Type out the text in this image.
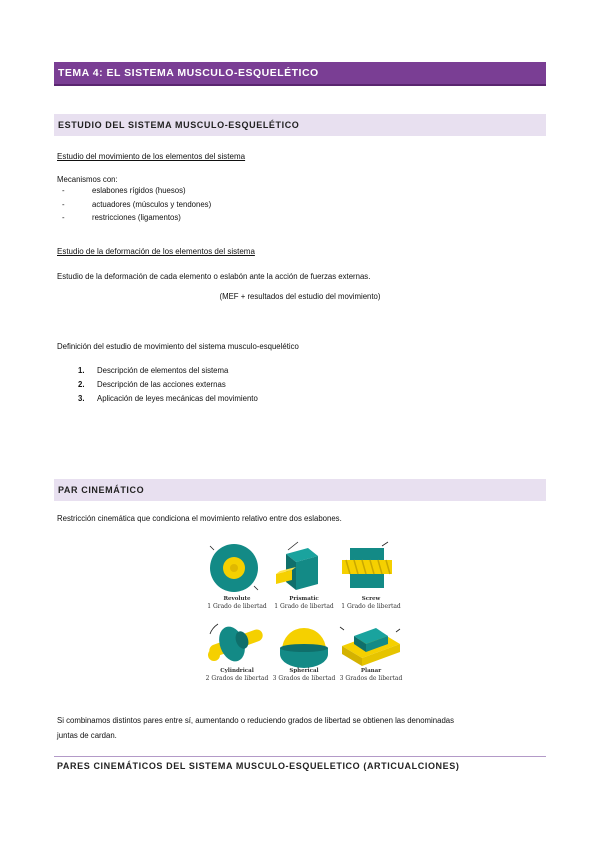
TEMA 4: EL SISTEMA MUSCULO-ESQUELÉTICO
ESTUDIO DEL SISTEMA MUSCULO-ESQUELÉTICO
Estudio del movimiento de los elementos del sistema
Mecanismos con:
-	eslabones rígidos (huesos)
-	actuadores (músculos y tendones)
-	restricciones (ligamentos)
Estudio de la deformación de los elementos del sistema
Estudio de la deformación de cada elemento o eslabón ante la acción de fuerzas externas.
(MEF + resultados del estudio del movimiento)
Definición del estudio de movimiento del sistema musculo-esquelético
1. Descripción de elementos del sistema
2. Descripción de las acciones externas
3. Aplicación de leyes mecánicas del movimiento
PAR CINEMÁTICO
Restricción cinemática que condiciona el movimiento relativo entre dos eslabones.
Revolute
1 Grado de libertad
Prismatic
1 Grado de libertad
Screw
1 Grado de libertad
Cylindrical
2 Grados de libertad
Spherical
3 Grados de libertad
Planar
3 Grados de libertad
Si combinamos distintos pares entre sí, aumentando o reduciendo grados de libertad se obtienen las denominadas
juntas de cardan.
PARES CINEMÁTICOS DEL SISTEMA MUSCULO-ESQUELETICO (ARTICUALCIONES)
